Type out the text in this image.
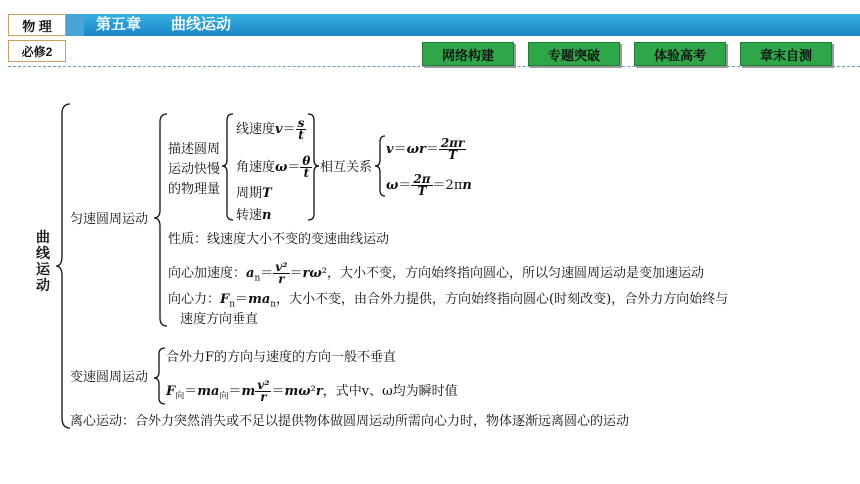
物 理	第五章　　曲线运动
必修2	网络构建	专题突破	体验高考	章末自测
曲
线
运
动
匀速圆周运动
描述圆周
运动快慢
的物理量
线速度$v= \frac{s}{t}$
角速度$\omega= \frac{\theta}{t}$
周期T
转速n
相互关系
$v=\omega r= \frac{2\pi r}{T}$
$\omega= \frac{2\pi}{T} =2\pi n$
性质：线速度大小不变的变速曲线运动
向心加速度：$a_n= \frac{\text{v²}}{r} =r\omega^2$，大小不变，方向始终指向圆心，所以匀速圆周运动是变加速运动
向心力：$F_n=ma_n$，大小不变，由合外力提供，方向始终指向圆心(时刻改变)，合外力方向始终与
速度方向垂直
变速圆周运动
合外力F的方向与速度的方向一般不垂直
$F_向=ma_向=m \frac{\text{v²}}{r} =m\omega^2r$，式中v、ω均为瞬时值
离心运动：合外力突然消失或不足以提供物体做圆周运动所需向心力时，物体逐渐远离圆心的运动
